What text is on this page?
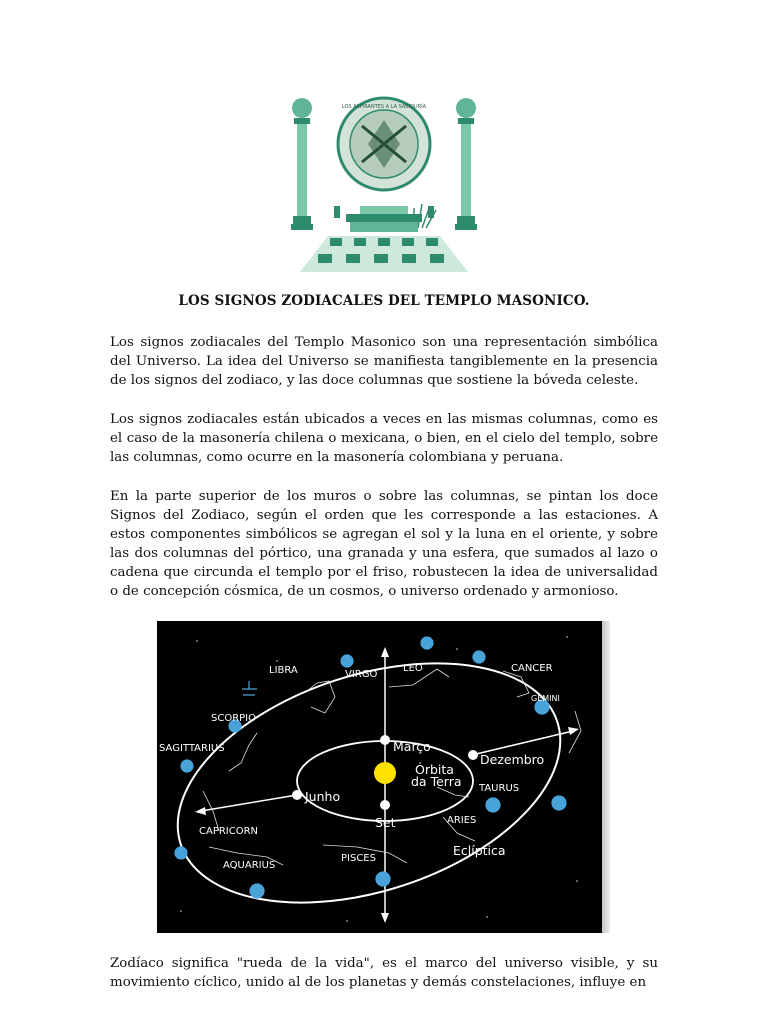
LOS ASPIRANTES A LA SABIDURÍA
LOS SIGNOS ZODIACALES DEL TEMPLO MASONICO.

Los signos zodiacales del Templo Masonico son una representación simbólica del Universo. La idea del Universo se manifiesta tangiblemente en la presencia de los signos del zodiaco, y las doce columnas que sostiene la bóveda celeste.

Los signos zodiacales están ubicados a veces en las mismas columnas, como es el caso de la masonería chilena o mexicana, o bien, en el cielo del templo, sobre las columnas, como ocurre en la masonería colombiana y peruana.

En la parte superior de los muros o sobre las columnas, se pintan los doce Signos del Zodiaco, según el orden que les corresponde a las estaciones. A estos componentes simbólicos se agregan el sol y la luna en el oriente, y sobre las dos columnas del pórtico, una granada y una esfera, que sumados al lazo o cadena que circunda el templo por el friso, robustecen la idea de universalidad o de concepción cósmica, de un cosmos, o universo ordenado y armonioso.

LIBRA	VIRGO
LEO	CANCER
GEMINI
SCORPIO
SAGITTARIUS
TAURUS
ARIES
CAPRICORN
AQUARIUS
PISCES
Março
Dezembro
Junho
Set
Órbita
da Terra
Eclíptica

Zodíaco significa "rueda de la vida", es el marco del universo visible, y su movimiento cíclico, unido al de los planetas y demás constelaciones, influye en
